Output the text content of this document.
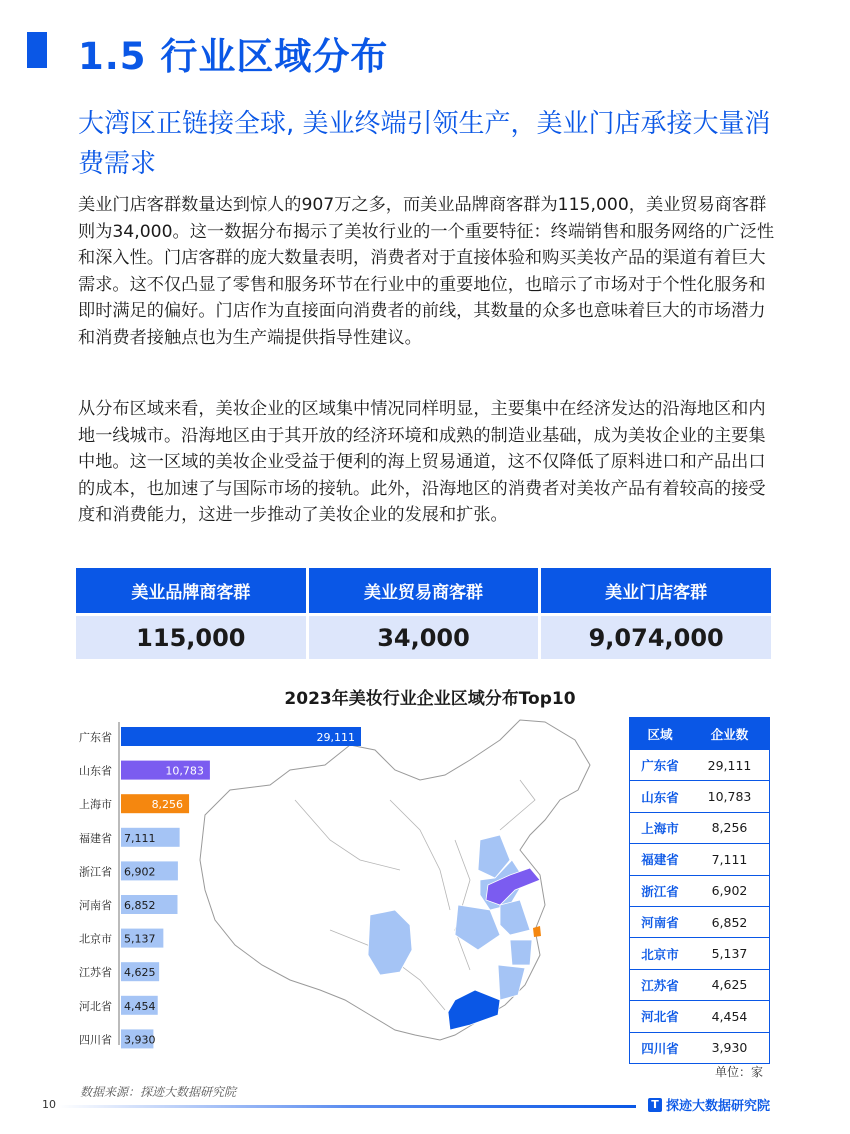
1.5 行业区域分布
大湾区正链接全球, 美业终端引领生产，美业门店承接大量消费需求
美业门店客群数量达到惊人的907万之多，而美业品牌商客群为115,000，美业贸易商客群则为34,000。这一数据分布揭示了美妆行业的一个重要特征：终端销售和服务网络的广泛性和深入性。门店客群的庞大数量表明，消费者对于直接体验和购买美妆产品的渠道有着巨大需求。这不仅凸显了零售和服务环节在行业中的重要地位，也暗示了市场对于个性化服务和即时满足的偏好。门店作为直接面向消费者的前线，其数量的众多也意味着巨大的市场潜力和消费者接触点也为生产端提供指导性建议。
从分布区域来看，美妆企业的区域集中情况同样明显，主要集中在经济发达的沿海地区和内地一线城市。沿海地区由于其开放的经济环境和成熟的制造业基础，成为美妆企业的主要集中地。这一区域的美妆企业受益于便利的海上贸易通道，这不仅降低了原料进口和产品出口的成本，也加速了与国际市场的接轨。此外，沿海地区的消费者对美妆产品有着较高的接受度和消费能力，这进一步推动了美妆企业的发展和扩张。
美业品牌商客群	美业贸易商客群	美业门店客群
115,000	34,000	9,074,000
2023年美妆行业企业区域分布Top10
广东省	29,111
山东省	10,783
上海市	8,256
福建省 7,111
浙江省 6,902
河南省 6,852
北京市 5,137
江苏省 4,625
河北省 4,454
四川省 3,930
区域	企业数
广东省	29,111
山东省	10,783
上海市	8,256
福建省	7,111
浙江省	6,902
河南省	6,852
北京市	5,137
江苏省	4,625
河北省	4,454
四川省	3,930
单位：家
数据来源：探迹大数据研究院
10	T 探迹大数据研究院
